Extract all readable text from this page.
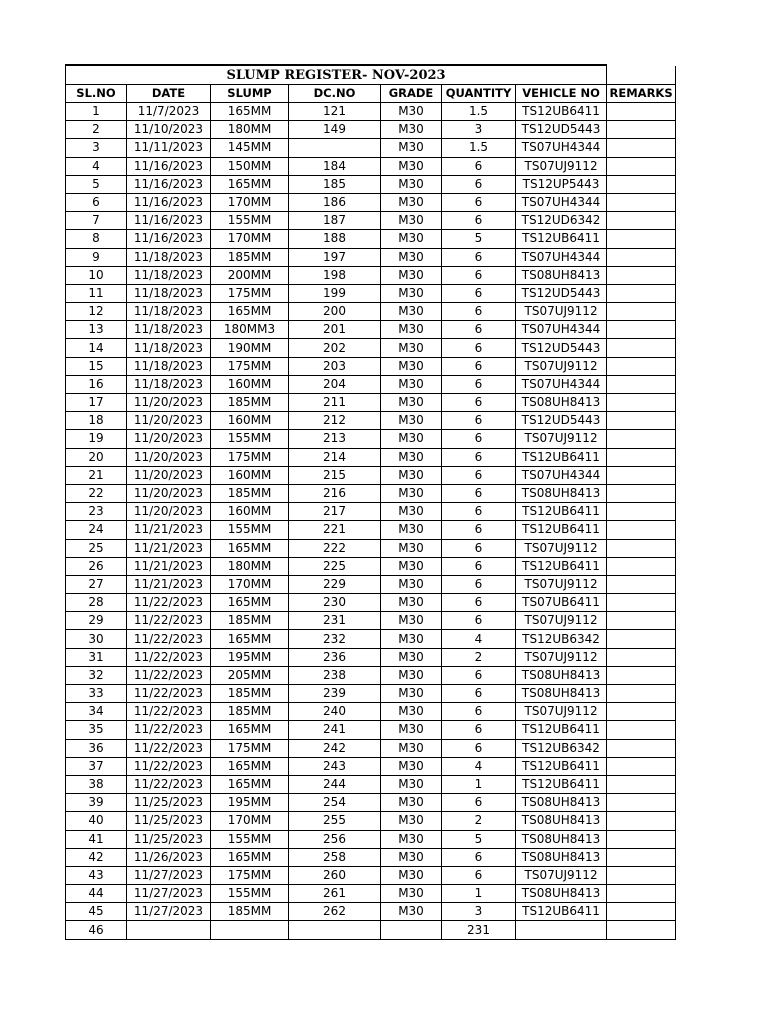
SLUMP REGISTER- NOV-2023							
SL.NO	DATE	SLUMP	DC.NO	GRADE	QUANTITY	VEHICLE NO	REMARKS
1	11/7/2023	165MM	121	M30	1.5	TS12UB6411	
2	11/10/2023	180MM	149	M30	3	TS12UD5443	
3	11/11/2023	145MM		M30	1.5	TS07UH4344	
4	11/16/2023	150MM	184	M30	6	TS07UJ9112	
5	11/16/2023	165MM	185	M30	6	TS12UP5443	
6	11/16/2023	170MM	186	M30	6	TS07UH4344	
7	11/16/2023	155MM	187	M30	6	TS12UD6342	
8	11/16/2023	170MM	188	M30	5	TS12UB6411	
9	11/18/2023	185MM	197	M30	6	TS07UH4344	
10	11/18/2023	200MM	198	M30	6	TS08UH8413	
11	11/18/2023	175MM	199	M30	6	TS12UD5443	
12	11/18/2023	165MM	200	M30	6	TS07UJ9112	
13	11/18/2023	180MM3	201	M30	6	TS07UH4344	
14	11/18/2023	190MM	202	M30	6	TS12UD5443	
15	11/18/2023	175MM	203	M30	6	TS07UJ9112	
16	11/18/2023	160MM	204	M30	6	TS07UH4344	
17	11/20/2023	185MM	211	M30	6	TS08UH8413	
18	11/20/2023	160MM	212	M30	6	TS12UD5443	
19	11/20/2023	155MM	213	M30	6	TS07UJ9112	
20	11/20/2023	175MM	214	M30	6	TS12UB6411	
21	11/20/2023	160MM	215	M30	6	TS07UH4344	
22	11/20/2023	185MM	216	M30	6	TS08UH8413	
23	11/20/2023	160MM	217	M30	6	TS12UB6411	
24	11/21/2023	155MM	221	M30	6	TS12UB6411	
25	11/21/2023	165MM	222	M30	6	TS07UJ9112	
26	11/21/2023	180MM	225	M30	6	TS12UB6411	
27	11/21/2023	170MM	229	M30	6	TS07UJ9112	
28	11/22/2023	165MM	230	M30	6	TS07UB6411	
29	11/22/2023	185MM	231	M30	6	TS07UJ9112	
30	11/22/2023	165MM	232	M30	4	TS12UB6342	
31	11/22/2023	195MM	236	M30	2	TS07UJ9112	
32	11/22/2023	205MM	238	M30	6	TS08UH8413	
33	11/22/2023	185MM	239	M30	6	TS08UH8413	
34	11/22/2023	185MM	240	M30	6	TS07UJ9112	
35	11/22/2023	165MM	241	M30	6	TS12UB6411	
36	11/22/2023	175MM	242	M30	6	TS12UB6342	
37	11/22/2023	165MM	243	M30	4	TS12UB6411	
38	11/22/2023	165MM	244	M30	1	TS12UB6411	
39	11/25/2023	195MM	254	M30	6	TS08UH8413	
40	11/25/2023	170MM	255	M30	2	TS08UH8413	
41	11/25/2023	155MM	256	M30	5	TS08UH8413	
42	11/26/2023	165MM	258	M30	6	TS08UH8413	
43	11/27/2023	175MM	260	M30	6	TS07UJ9112	
44	11/27/2023	155MM	261	M30	1	TS08UH8413	
45	11/27/2023	185MM	262	M30	3	TS12UB6411	
46					231		
